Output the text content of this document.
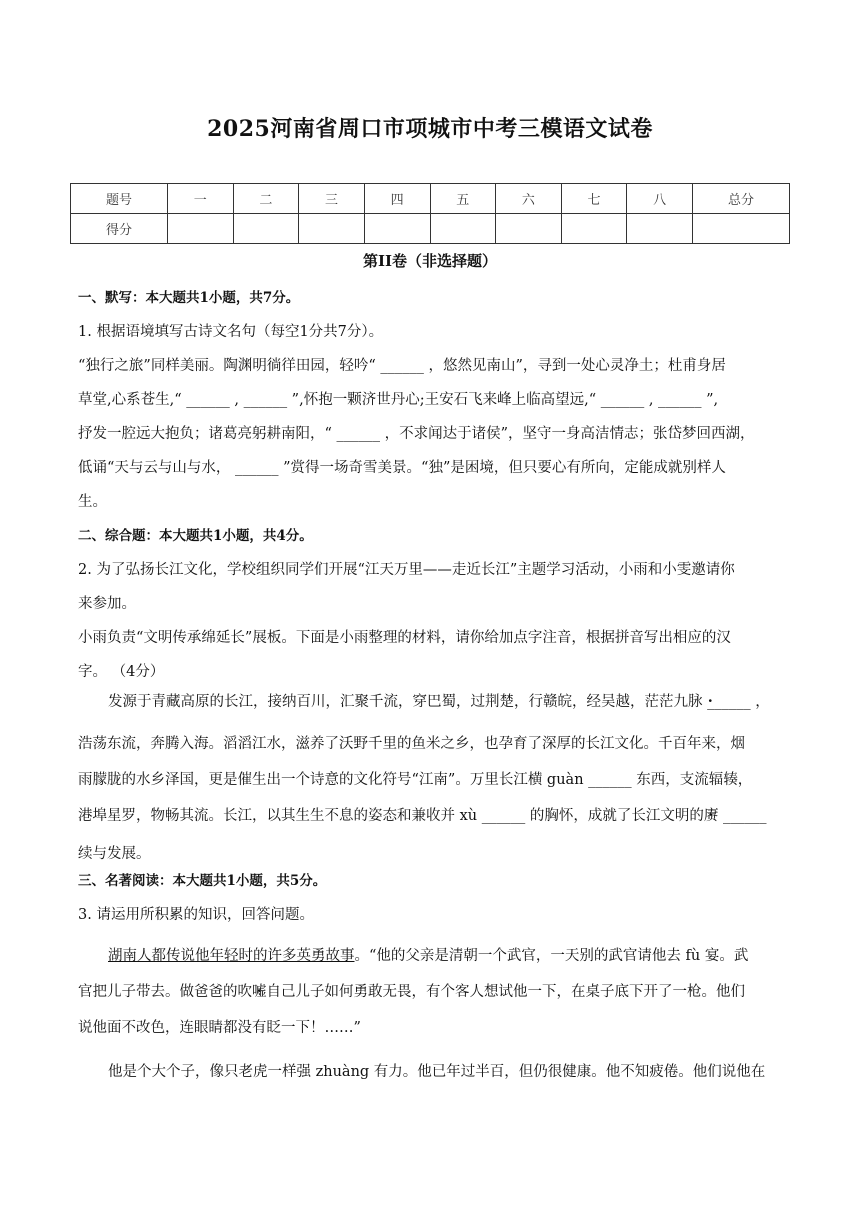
2025河南省周口市项城市中考三模语文试卷
题号	一	二	三	四	五	六	七	八	总分
得分									
第II卷（非选择题）
一、默写：本大题共1小题，共7分。
1. 根据语境填写古诗文名句（每空1分共7分）。
“独行之旅”同样美丽。陶渊明徜徉田园，轻吟“ ______ ，悠然见南山”，寻到一处心灵净土；杜甫身居
草堂,心系苍生,“ ______ , ______ ”,怀抱一颗济世丹心;王安石飞来峰上临高望远,“ ______ , ______ ”,
抒发一腔远大抱负；诸葛亮躬耕南阳，“ ______ ，不求闻达于诸侯”，坚守一身高洁情志；张岱梦回西湖，
低诵“天与云与山与水， ______ ”赏得一场奇雪美景。“独”是困境，但只要心有所向，定能成就别样人
生。
二、综合题：本大题共1小题，共4分。
2. 为了弘扬长江文化，学校组织同学们开展“江天万里——走近长江”主题学习活动，小雨和小雯邀请你
来参加。
小雨负责“文明传承绵延长”展板。下面是小雨整理的材料，请你给加点字注音，根据拼音写出相应的汉
字。 （4分）
发源于青藏高原的长江，接纳百川，汇聚千流，穿巴蜀，过荆楚，行赣皖，经吴越，茫茫九脉 · ______ ，
浩荡东流，奔腾入海。滔滔江水，滋养了沃野千里的鱼米之乡，也孕育了深厚的长江文化。千百年来，烟
雨朦胧的水乡泽国，更是催生出一个诗意的文化符号“江南”。万里长江横 guàn ______ 东西，支流辐辏，
港埠星罗，物畅其流。长江，以其生生不息的姿态和兼收并 xù ______ 的胸怀，成就了长江文明的赓 · ______
续与发展。
三、名著阅读：本大题共1小题，共5分。
3. 请运用所积累的知识，回答问题。
湖南人都传说他年轻时的许多英勇故事。“他的父亲是清朝一个武官，一天别的武官请他去 fù 宴。武
官把儿子带去。做爸爸的吹嘘 ·自己儿子如何勇敢无畏，有个客人想试他一下，在桌子底下开了一枪。他们
说他面不改色，连眼睛都没有眨一下！……”
他是个大个子，像只老虎一样强 zhuàng 有力。他已年过半百，但仍很健康。他不知疲倦。他们说他在
